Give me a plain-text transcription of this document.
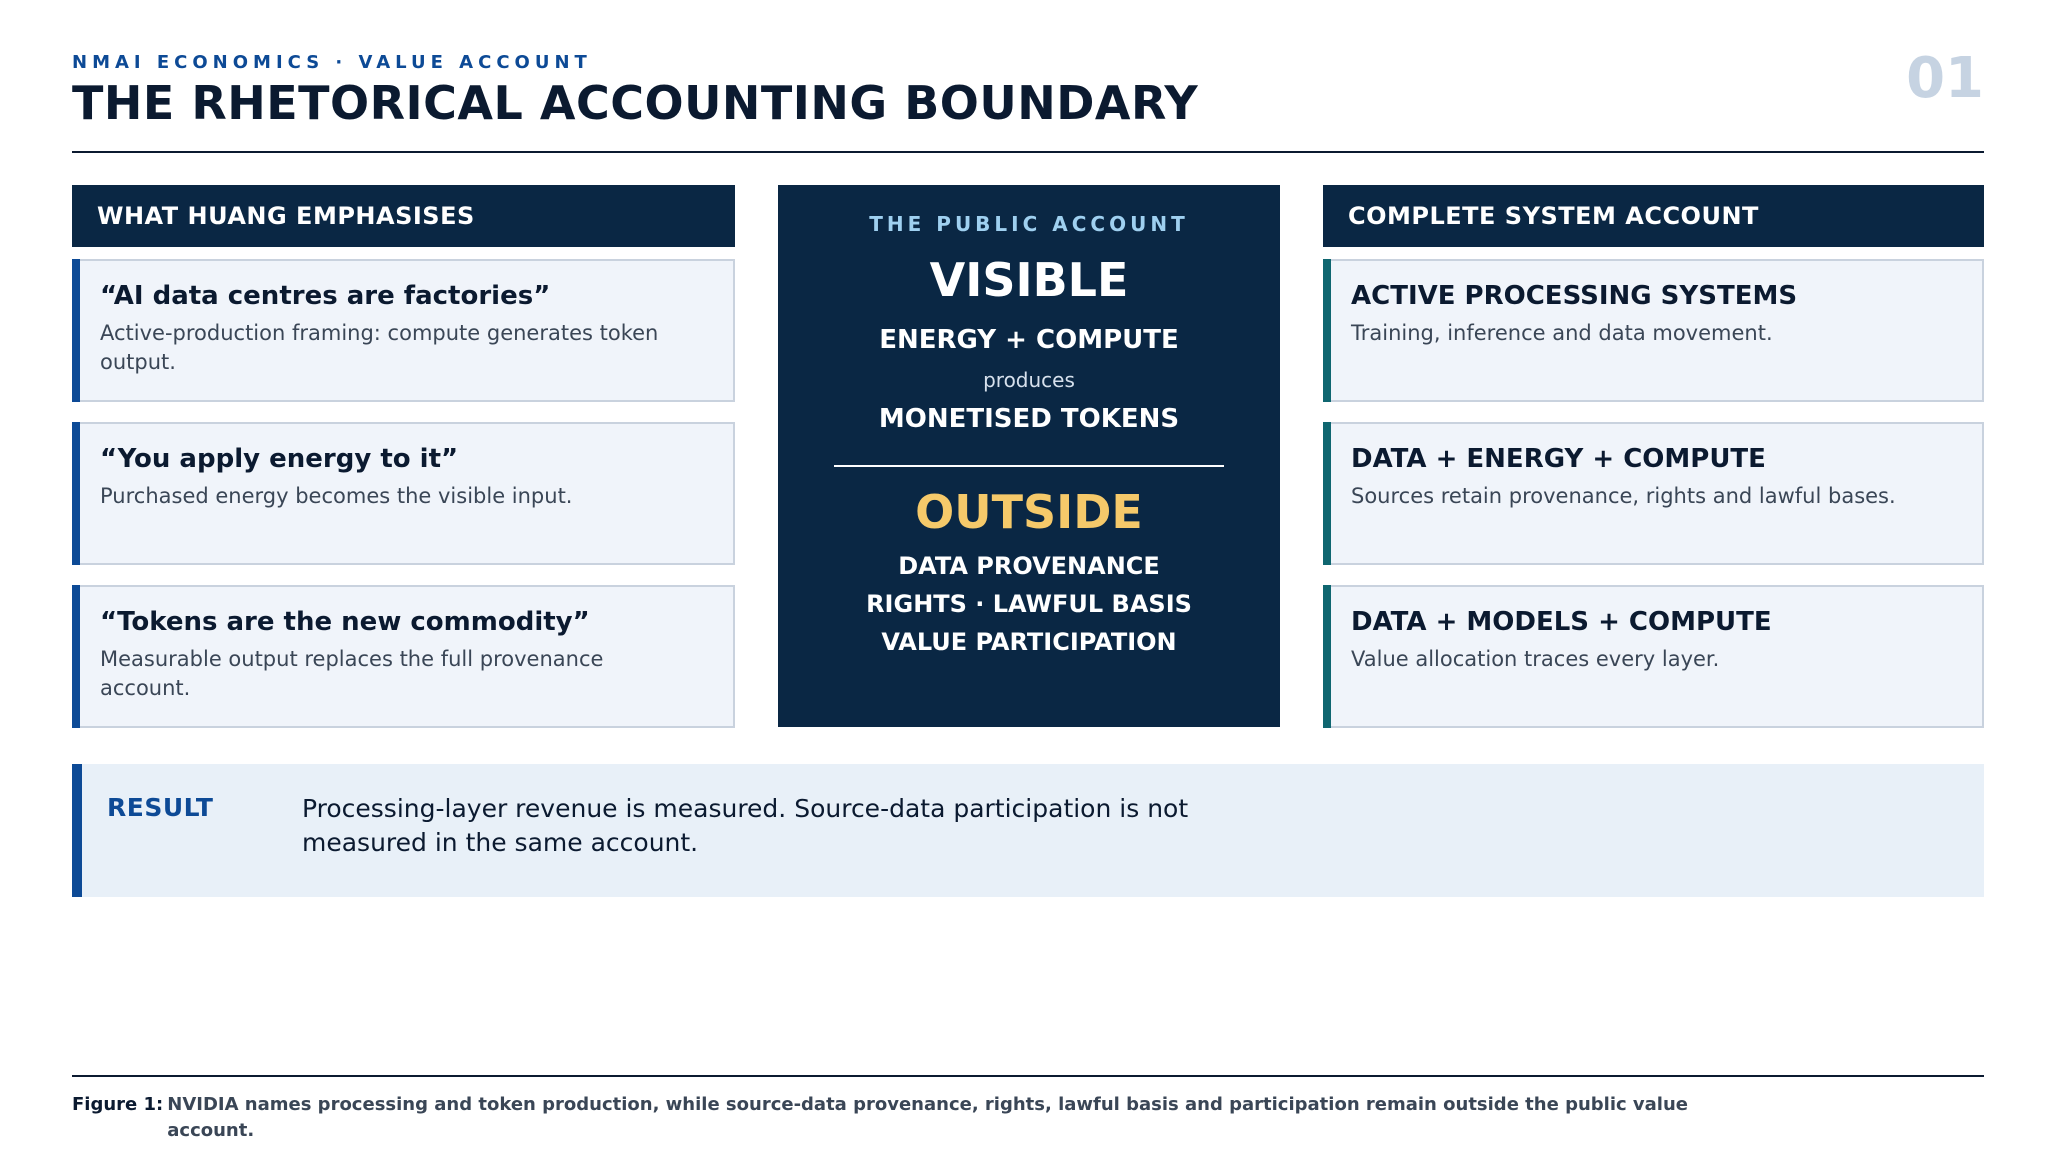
NMAI ECONOMICS · VALUE ACCOUNT
THE RHETORICAL ACCOUNTING BOUNDARY	01
WHAT HUANG EMPHASISES
“AI data centres are factories”
Active-production framing: compute generates token output.
“You apply energy to it”
Purchased energy becomes the visible input.
“Tokens are the new commodity”
Measurable output replaces the full provenance account.
THE PUBLIC ACCOUNT
VISIBLE
ENERGY + COMPUTE
produces
MONETISED TOKENS
OUTSIDE
DATA PROVENANCE
RIGHTS · LAWFUL BASIS
VALUE PARTICIPATION
COMPLETE SYSTEM ACCOUNT
ACTIVE PROCESSING SYSTEMS
Training, inference and data movement.
DATA + ENERGY + COMPUTE
Sources retain provenance, rights and lawful bases.
DATA + MODELS + COMPUTE
Value allocation traces every layer.
RESULT	Processing-layer revenue is measured. Source-data participation is not measured in the same account.
Figure 1: NVIDIA names processing and token production, while source-data provenance, rights, lawful basis and participation remain outside the public value account.
